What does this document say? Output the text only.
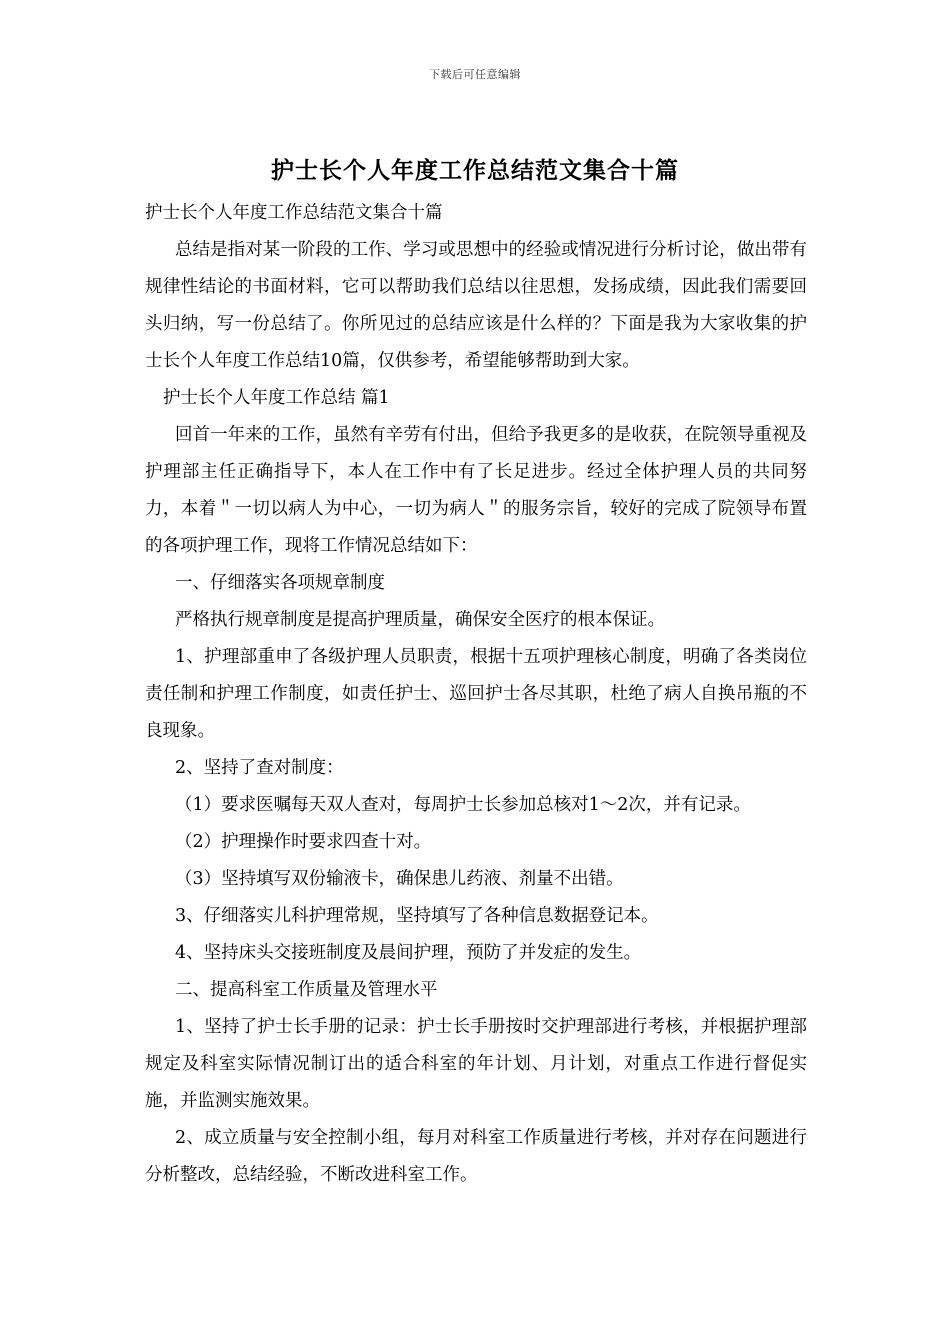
下载后可任意编辑
护士长个人年度工作总结范文集合十篇

护士长个人年度工作总结范文集合十篇

总结是指对某一阶段的工作、学习或思想中的经验或情况进行分析讨论，做出带有规律性结论的书面材料，它可以帮助我们总结以往思想，发扬成绩，因此我们需要回头归纳，写一份总结了。你所见过的总结应该是什么样的？下面是我为大家收集的护士长个人年度工作总结10篇，仅供参考，希望能够帮助到大家。

护士长个人年度工作总结 篇1

回首一年来的工作，虽然有辛劳有付出，但给予我更多的是收获，在院领导重视及护理部主任正确指导下，本人在工作中有了长足进步。经过全体护理人员的共同努力，本着＂一切以病人为中心，一切为病人＂的服务宗旨，较好的完成了院领导布置的各项护理工作，现将工作情况总结如下：

一、仔细落实各项规章制度

严格执行规章制度是提高护理质量，确保安全医疗的根本保证。

1、护理部重申了各级护理人员职责，根据十五项护理核心制度，明确了各类岗位责任制和护理工作制度，如责任护士、巡回护士各尽其职，杜绝了病人自换吊瓶的不良现象。

2、坚持了查对制度：

（1）要求医嘱每天双人查对，每周护士长参加总核对1～2次，并有记录。

（2）护理操作时要求四查十对。

（3）坚持填写双份输液卡，确保患儿药液、剂量不出错。

3、仔细落实儿科护理常规，坚持填写了各种信息数据登记本。

4、坚持床头交接班制度及晨间护理，预防了并发症的发生。

二、提高科室工作质量及管理水平

1、坚持了护士长手册的记录：护士长手册按时交护理部进行考核，并根据护理部规定及科室实际情况制订出的适合科室的年计划、月计划，对重点工作进行督促实施，并监测实施效果。

2、成立质量与安全控制小组，每月对科室工作质量进行考核，并对存在问题进行分析整改，总结经验，不断改进科室工作。
